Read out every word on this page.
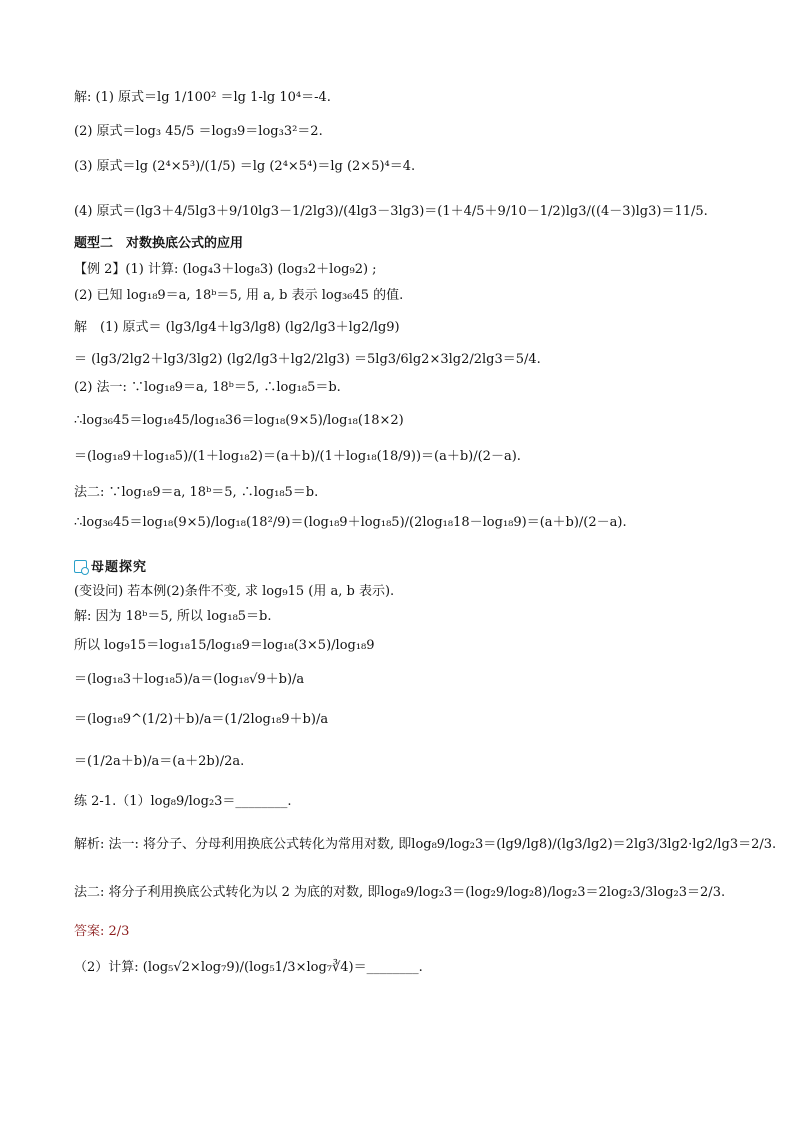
解: (1) 原式＝lg 1/100² ＝lg 1-lg 10⁴＝-4.
(2) 原式＝log₃ 45/5 ＝log₃9＝log₃3²＝2.
(3) 原式＝lg (2⁴×5³)/(1/5) ＝lg (2⁴×5⁴)＝lg (2×5)⁴＝4.
(4) 原式＝(lg3＋4/5lg3＋9/10lg3－1/2lg3)/(4lg3－3lg3)＝(1＋4/5＋9/10－1/2)lg3/((4－3)lg3)＝11/5.
题型二　对数换底公式的应用
【例 2】(1) 计算: (log₄3＋log₈3) (log₃2＋log₉2) ;
(2) 已知 log₁₈9＝a, 18ᵇ＝5, 用 a, b 表示 log₃₆45 的值.
解　(1) 原式＝ (lg3/lg4＋lg3/lg8) (lg2/lg3＋lg2/lg9)
＝ (lg3/2lg2＋lg3/3lg2) (lg2/lg3＋lg2/2lg3) ＝5lg3/6lg2×3lg2/2lg3＝5/4.
(2) 法一: ∵log₁₈9＝a, 18ᵇ＝5, ∴log₁₈5＝b.
∴log₃₆45＝log₁₈45/log₁₈36＝log₁₈(9×5)/log₁₈(18×2)
＝(log₁₈9＋log₁₈5)/(1＋log₁₈2)＝(a＋b)/(1＋log₁₈(18/9))＝(a＋b)/(2－a).
法二: ∵log₁₈9＝a, 18ᵇ＝5, ∴log₁₈5＝b.
∴log₃₆45＝log₁₈(9×5)/log₁₈(18²/9)＝(log₁₈9＋log₁₈5)/(2log₁₈18－log₁₈9)＝(a＋b)/(2－a).
母题探究
(变设问) 若本例(2)条件不变, 求 log₉15 (用 a, b 表示).
解: 因为 18ᵇ＝5, 所以 log₁₈5＝b.
所以 log₉15＝log₁₈15/log₁₈9＝log₁₈(3×5)/log₁₈9
＝(log₁₈3＋log₁₈5)/a＝(log₁₈√9＋b)/a
＝(log₁₈9^(1/2)＋b)/a＝(1/2log₁₈9＋b)/a
＝(1/2a＋b)/a＝(a＋2b)/2a.
练 2-1.（1）log₈9/log₂3＝________.
解析: 法一: 将分子、分母利用换底公式转化为常用对数, 即log₈9/log₂3＝(lg9/lg8)/(lg3/lg2)＝2lg3/3lg2·lg2/lg3＝2/3.
法二: 将分子利用换底公式转化为以 2 为底的对数, 即log₈9/log₂3＝(log₂9/log₂8)/log₂3＝2log₂3/3log₂3＝2/3.
答案: 2/3
（2）计算: (log₅√2×log₇9)/(log₅1/3×log₇∛4)＝________.
